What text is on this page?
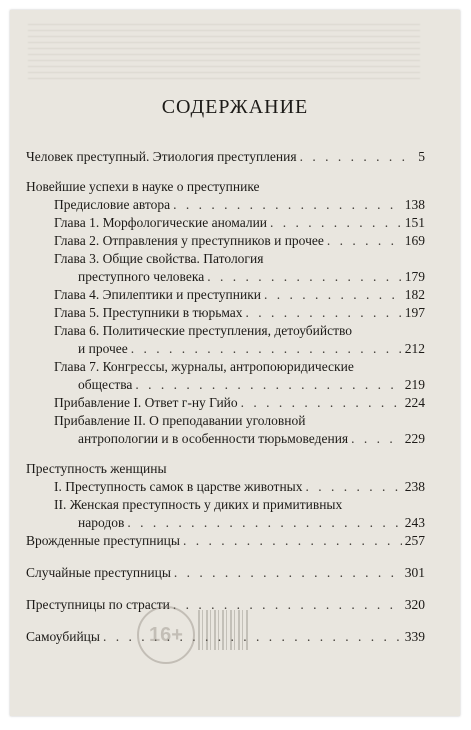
СОДЕРЖАНИЕ
Человек преступный. Этиология преступления . . .	5
Новейшие успехи в науке о преступнике
Предисловие автора . . .	138
Глава 1. Морфологические аномалии . . .	151
Глава 2. Отправления у преступников и прочее . . .	169
Глава 3. Общие свойства. Патология
преступного человека . . .	179
Глава 4. Эпилептики и преступники . . .	182
Глава 5. Преступники в тюрьмах . . .	197
Глава 6. Политические преступления, детоубийство
и прочее . . .	212
Глава 7. Конгрессы, журналы, антропоюридические
общества . . .	219
Прибавление I. Ответ г-ну Гийо . . .	224
Прибавление II. О преподавании уголовной
антропологии и в особенности тюрьмоведения . . .	229
Преступность женщины
I. Преступность самок в царстве животных . . .	238
II. Женская преступность у диких и примитивных
народов . . .	243
Врожденные преступницы . . .	257
Случайные преступницы . . .	301
Преступницы по страсти . . .	320
Самоубийцы . . .	339
16+
